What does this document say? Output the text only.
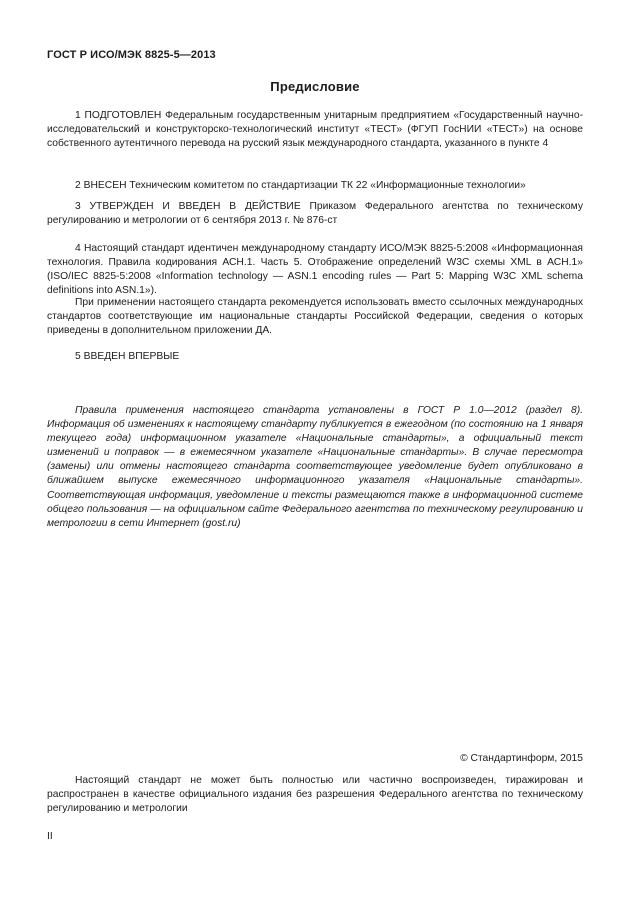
ГОСТ Р ИСО/МЭК 8825-5—2013
Предисловие

1 ПОДГОТОВЛЕН Федеральным государственным унитарным предприятием «Государственный научно-исследовательский и конструкторско-технологический институт «ТЕСТ» (ФГУП ГосНИИ «ТЕСТ») на основе собственного аутентичного перевода на русский язык международного стандарта, указанного в пункте 4

2 ВНЕСЕН Техническим комитетом по стандартизации ТК 22 «Информационные технологии»

3 УТВЕРЖДЕН И ВВЕДЕН В ДЕЙСТВИЕ Приказом Федерального агентства по техническому регулированию и метрологии от 6 сентября 2013 г. № 876-ст

4 Настоящий стандарт идентичен международному стандарту ИСО/МЭК 8825-5:2008 «Информационная технология. Правила кодирования АСН.1. Часть 5. Отображение определений W3C схемы XML в АСН.1» (ISO/IEC 8825-5:2008 «Information technology — ASN.1 encoding rules — Part 5: Mapping W3C XML schema definitions into ASN.1»).

При применении настоящего стандарта рекомендуется использовать вместо ссылочных международных стандартов соответствующие им национальные стандарты Российской Федерации, сведения о которых приведены в дополнительном приложении ДА.

5 ВВЕДЕН ВПЕРВЫЕ

Правила применения настоящего стандарта установлены в ГОСТ Р 1.0—2012 (раздел 8). Информация об изменениях к настоящему стандарту публикуется в ежегодном (по состоянию на 1 января текущего года) информационном указателе «Национальные стандарты», а официальный текст изменений и поправок — в ежемесячном указателе «Национальные стандарты». В случае пересмотра (замены) или отмены настоящего стандарта соответствующее уведомление будет опубликовано в ближайшем выпуске ежемесячного информационного указателя «Национальные стандарты». Соответствующая информация, уведомление и тексты размещаются также в информационной системе общего пользования — на официальном сайте Федерального агентства по техническому регулированию и метрологии в сети Интернет (gost.ru)

© Стандартинформ, 2015

Настоящий стандарт не может быть полностью или частично воспроизведен, тиражирован и распространен в качестве официального издания без разрешения Федерального агентства по техническому регулированию и метрологии

II
